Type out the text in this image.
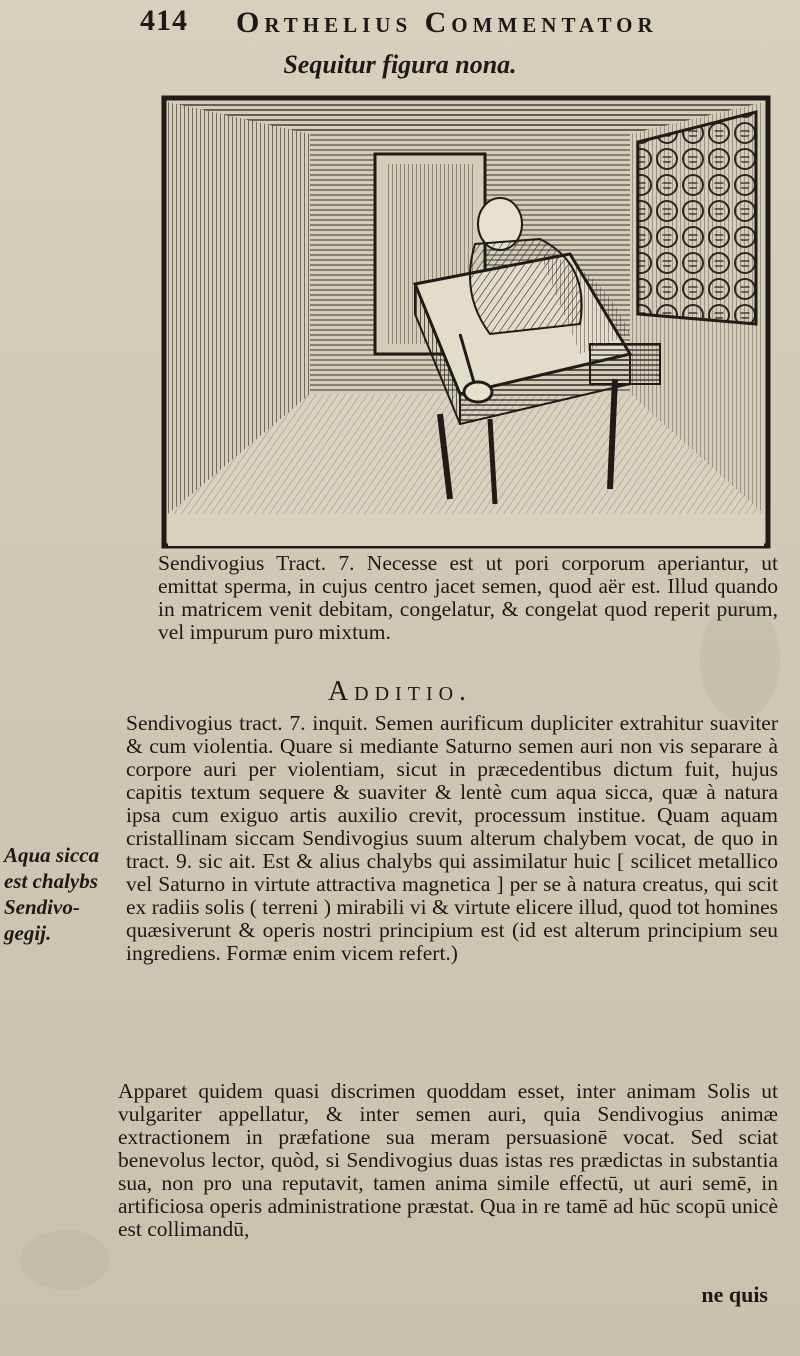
414 Orthelius Commentator
Sequitur figura nona.
Sendivogius Tract. 7. Necesse est ut pori corporum aperiantur, ut emittat sperma, in cujus centro jacet semen, quod aër est. Illud quando in matricem venit debitam, congelatur, & congelat quod reperit purum, vel impurum puro mixtum.
Additio.
Sendivogius tract. 7. inquit. Semen aurificum dupliciter extrahitur suaviter & cum violentia. Quare si mediante Saturno semen auri non vis separare à corpore auri per violentiam, sicut in præcedentibus dictum fuit, hujus capitis textum sequere & suaviter & lentè cum aqua sicca, quæ à natura ipsa cum exiguo artis auxilio crevit, processum institue. Quam aquam cristallinam siccam Sendivogius suum alterum chalybem vocat, de quo in tract. 9. sic ait. Est & alius chalybs qui assimilatur huic [ scilicet metallico vel Saturno in virtute attractiva magnetica ] per se à natura creatus, qui scit ex radiis solis ( terreni ) mirabili vi & virtute elicere illud, quod tot homines quæsiverunt & operis nostri principium est (id est alterum principium seu ingrediens. Formæ enim vicem refert.)
Aqua sicca
est chalybs
Sendivo-
gegij.
Apparet quidem quasi discrimen quoddam esset, inter animam Solis ut vulgariter appellatur, & inter semen auri, quia Sendivogius animæ extractionem in præfatione sua meram persuasionē vocat. Sed sciat benevolus lector, quòd, si Sendivogius duas istas res prædictas in substantia sua, non pro una reputavit, tamen anima simile effectū, ut auri semē, in artificiosa operis administratione præstat. Qua in re tamē ad hūc scopū unicè est collimandū,
ne quis
